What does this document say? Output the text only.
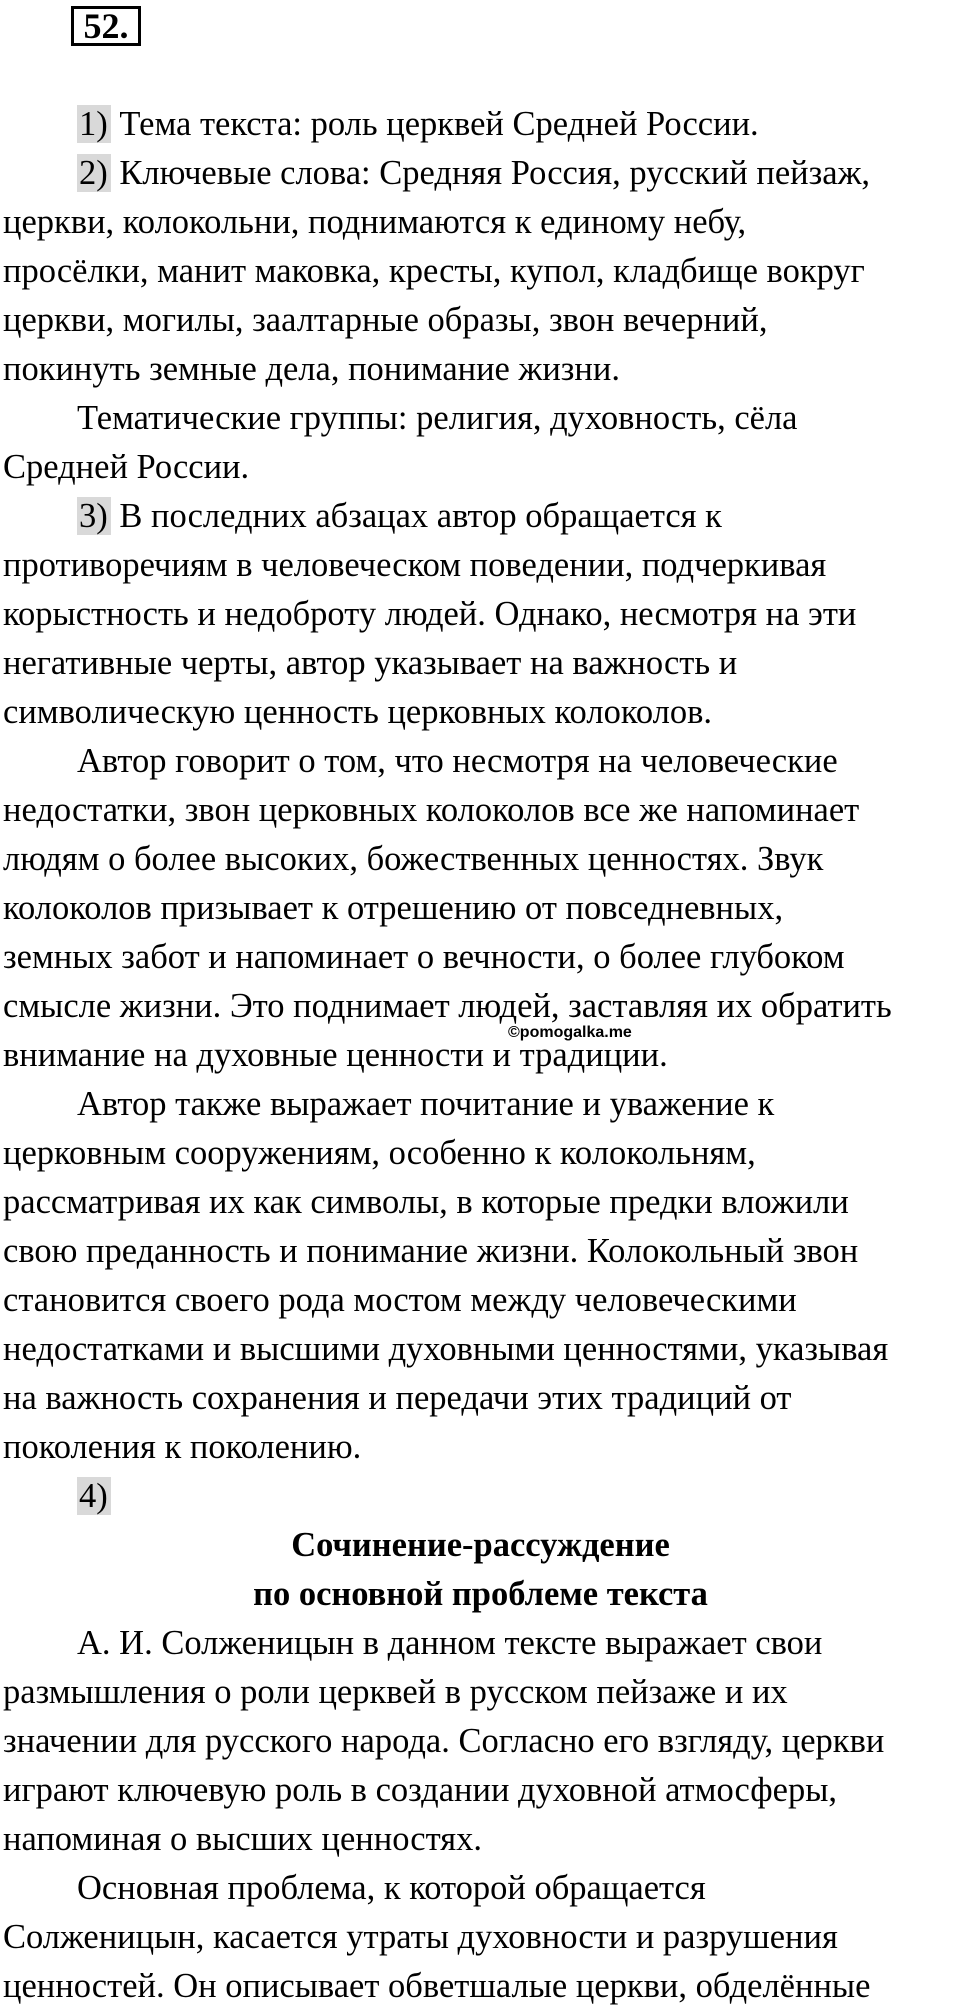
52.

1) Тема текста: роль церквей Средней России.

2) Ключевые слова: Средняя Россия, русский пейзаж,
церкви, колокольни, поднимаются к единому небу,
просёлки, манит маковка, кресты, купол, кладбище вокруг
церкви, могилы, заалтарные образы, звон вечерний,
покинуть земные дела, понимание жизни.

Тематические группы: религия, духовность, сёла
Средней России.

3) В последних абзацах автор обращается к
противоречиям в человеческом поведении, подчеркивая
корыстность и недоброту людей. Однако, несмотря на эти
негативные черты, автор указывает на важность и
символическую ценность церковных колоколов.

Автор говорит о том, что несмотря на человеческие
недостатки, звон церковных колоколов все же напоминает
людям о более высоких, божественных ценностях. Звук
колоколов призывает к отрешению от повседневных,
земных забот и напоминает о вечности, о более глубоком
смысле жизни. Это поднимает людей, заставляя их обратить
внимание на духовные ценности и традиции.

Автор также выражает почитание и уважение к
церковным сооружениям, особенно к колокольням,
рассматривая их как символы, в которые предки вложили
свою преданность и понимание жизни. Колокольный звон
становится своего рода мостом между человеческими
недостатками и высшими духовными ценностями, указывая
на важность сохранения и передачи этих традиций от
поколения к поколению.

4)

Сочинение-рассуждение
по основной проблеме текста

А. И. Солженицын в данном тексте выражает свои
размышления о роли церквей в русском пейзаже и их
значении для русского народа. Согласно его взгляду, церкви
играют ключевую роль в создании духовной атмосферы,
напоминая о высших ценностях.

Основная проблема, к которой обращается
Солженицын, касается утраты духовности и разрушения
ценностей. Он описывает обветшалые церкви, обделённые

©pomogalka.me
